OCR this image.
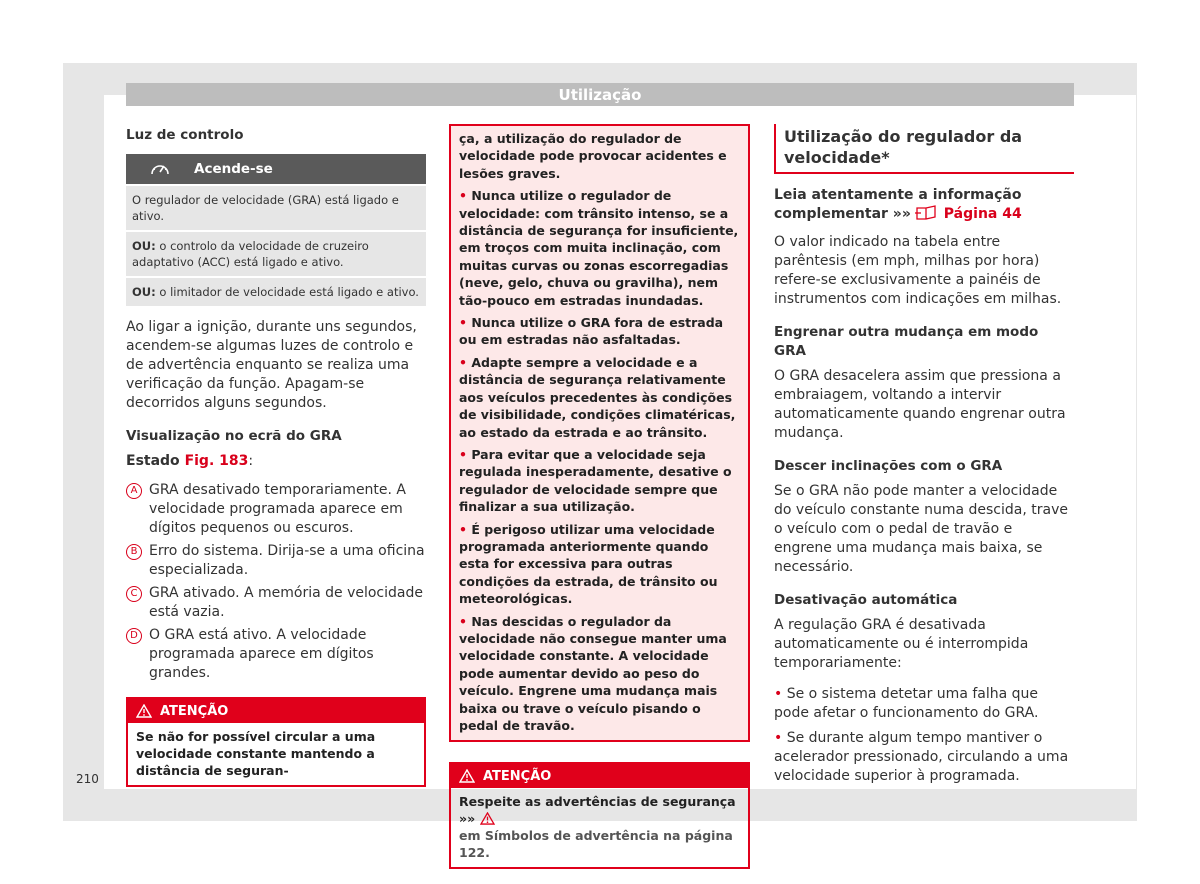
Utilização

Luz de controlo

Acende-se
O regulador de velocidade (GRA) está ligado e ativo.
OU: o controlo da velocidade de cruzeiro adaptativo (ACC) está ligado e ativo.
OU: o limitador de velocidade está ligado e ativo.

Ao ligar a ignição, durante uns segundos, acendem-se algumas luzes de controlo e de advertência enquanto se realiza uma verificação da função. Apagam-se decorridos alguns segundos.

Visualização no ecrã do GRA

Estado Fig. 183:

A GRA desativado temporariamente. A velocidade programada aparece em dígitos pequenos ou escuros.
B Erro do sistema. Dirija-se a uma oficina especializada.
C GRA ativado. A memória de velocidade está vazia.
D O GRA está ativo. A velocidade programada aparece em dígitos grandes.
ATENÇÃO
Se não for possível circular a uma velocidade constante mantendo a distância de seguran-
ça, a utilização do regulador de velocidade pode provocar acidentes e lesões graves.
• Nunca utilize o regulador de velocidade: com trânsito intenso, se a distância de segurança for insuficiente, em troços com muita inclinação, com muitas curvas ou zonas escorregadias (neve, gelo, chuva ou gravilha), nem tão-pouco em estradas inundadas.
• Nunca utilize o GRA fora de estrada ou em estradas não asfaltadas.
• Adapte sempre a velocidade e a distância de segurança relativamente aos veículos precedentes às condições de visibilidade, condições climatéricas, ao estado da estrada e ao trânsito.
• Para evitar que a velocidade seja regulada inesperadamente, desative o regulador de velocidade sempre que finalizar a sua utilização.
• É perigoso utilizar uma velocidade programada anteriormente quando esta for excessiva para outras condições da estrada, de trânsito ou meteorológicas.
• Nas descidas o regulador da velocidade não consegue manter uma velocidade constante. A velocidade pode aumentar devido ao peso do veículo. Engrene uma mudança mais baixa ou trave o veículo pisando o pedal de travão.
ATENÇÃO
Respeite as advertências de segurança »»

em Símbolos de advertência na página 122.
Utilização do regulador da velocidade*

Leia atentamente a informação complementar »» Página 44

O valor indicado na tabela entre parêntesis (em mph, milhas por hora) refere-se exclusivamente a painéis de instrumentos com indicações em milhas.

Engrenar outra mudança em modo GRA

O GRA desacelera assim que pressiona a embraiagem, voltando a intervir automaticamente quando engrenar outra mudança.

Descer inclinações com o GRA

Se o GRA não pode manter a velocidade do veículo constante numa descida, trave o veículo com o pedal de travão e engrene uma mudança mais baixa, se necessário.

Desativação automática

A regulação GRA é desativada automaticamente ou é interrompida temporariamente:

• Se o sistema detetar uma falha que pode afetar o funcionamento do GRA.

• Se durante algum tempo mantiver o acelerador pressionado, circulando a uma velocidade superior à programada.

210
